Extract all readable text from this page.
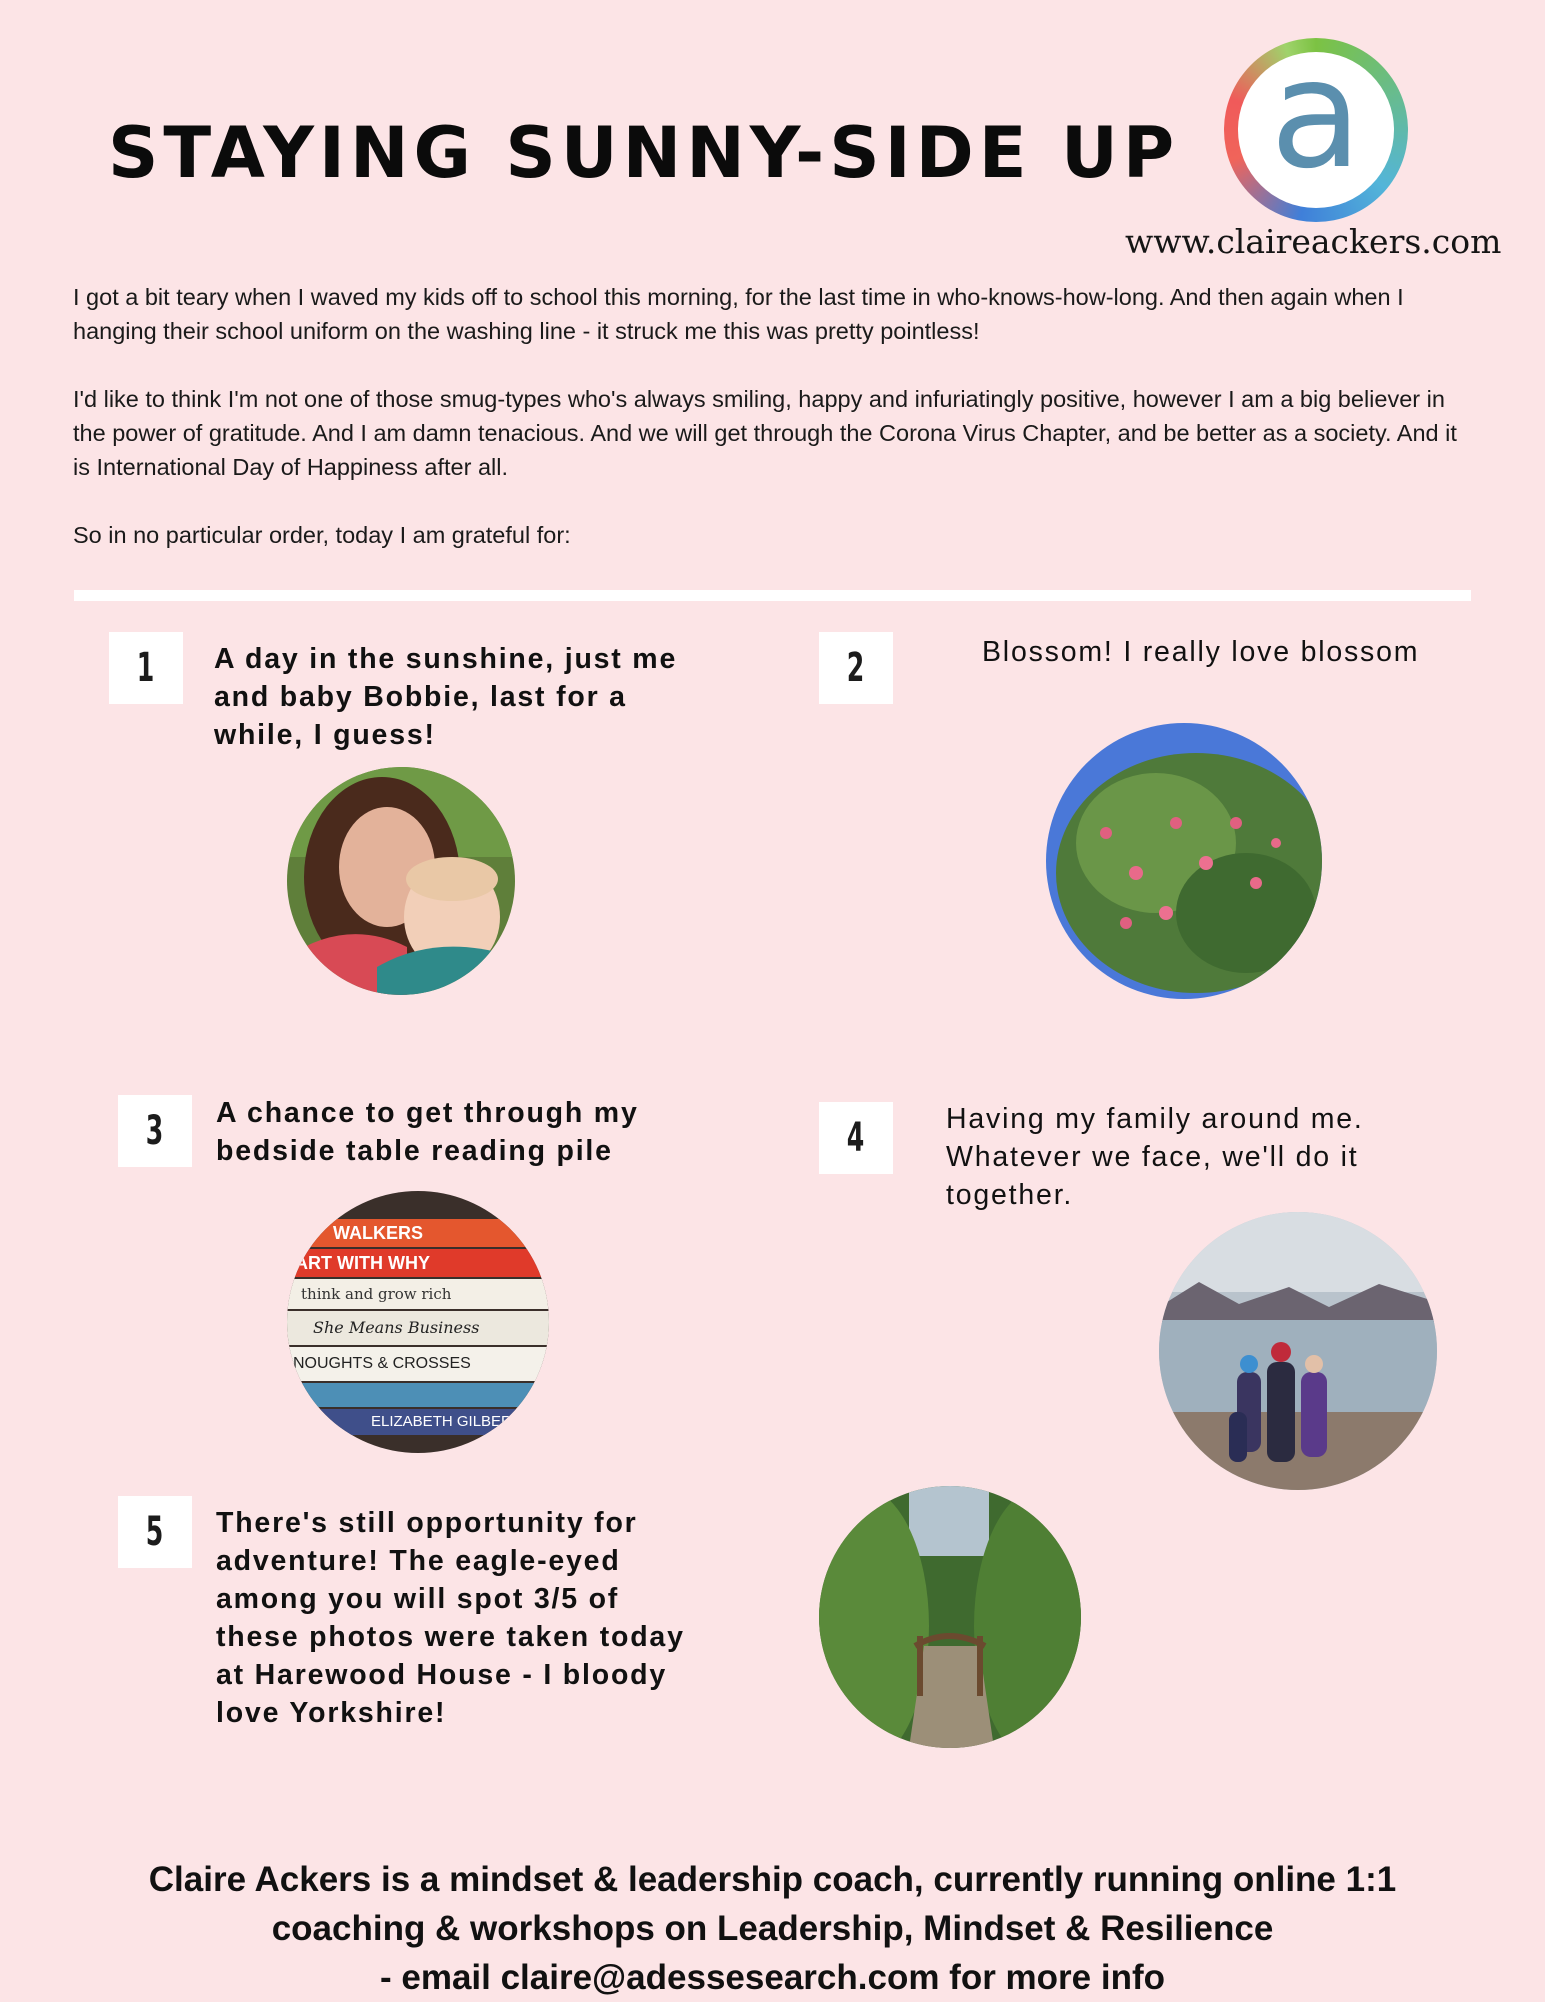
STAYING SUNNY-SIDE UP a
www.claireackers.com

I got a bit teary when I waved my kids off to school this morning, for the last time in who-knows-how-long. And then again when I hanging their school uniform on the washing line - it struck me this was pretty pointless!

I'd like to think I'm not one of those smug-types who's always smiling, happy and infuriatingly positive, however I am a big believer in the power of gratitude. And I am damn tenacious. And we will get through the Corona Virus Chapter, and be better as a society. And it is International Day of Happiness after all.

So in no particular order, today I am grateful for:

1 A day in the sunshine, just me and baby Bobbie, last for a while, I guess!
2	Blossom! I really love blossom
3 A chance to get through my bedside table reading pile
WALKERS
ART WITH WHY
think and grow rich
She Means Business
NOUGHTS & CROSSES
ELIZABETH GILBERT
4	Having my family around me. Whatever we face, we'll do it together.
5 There's still opportunity for adventure! The eagle-eyed among you will spot 3/5 of these photos were taken today at Harewood House - I bloody love Yorkshire!
Claire Ackers is a mindset & leadership coach, currently running online 1:1
coaching & workshops on Leadership, Mindset & Resilience
- email claire@adessesearch.com for more info
